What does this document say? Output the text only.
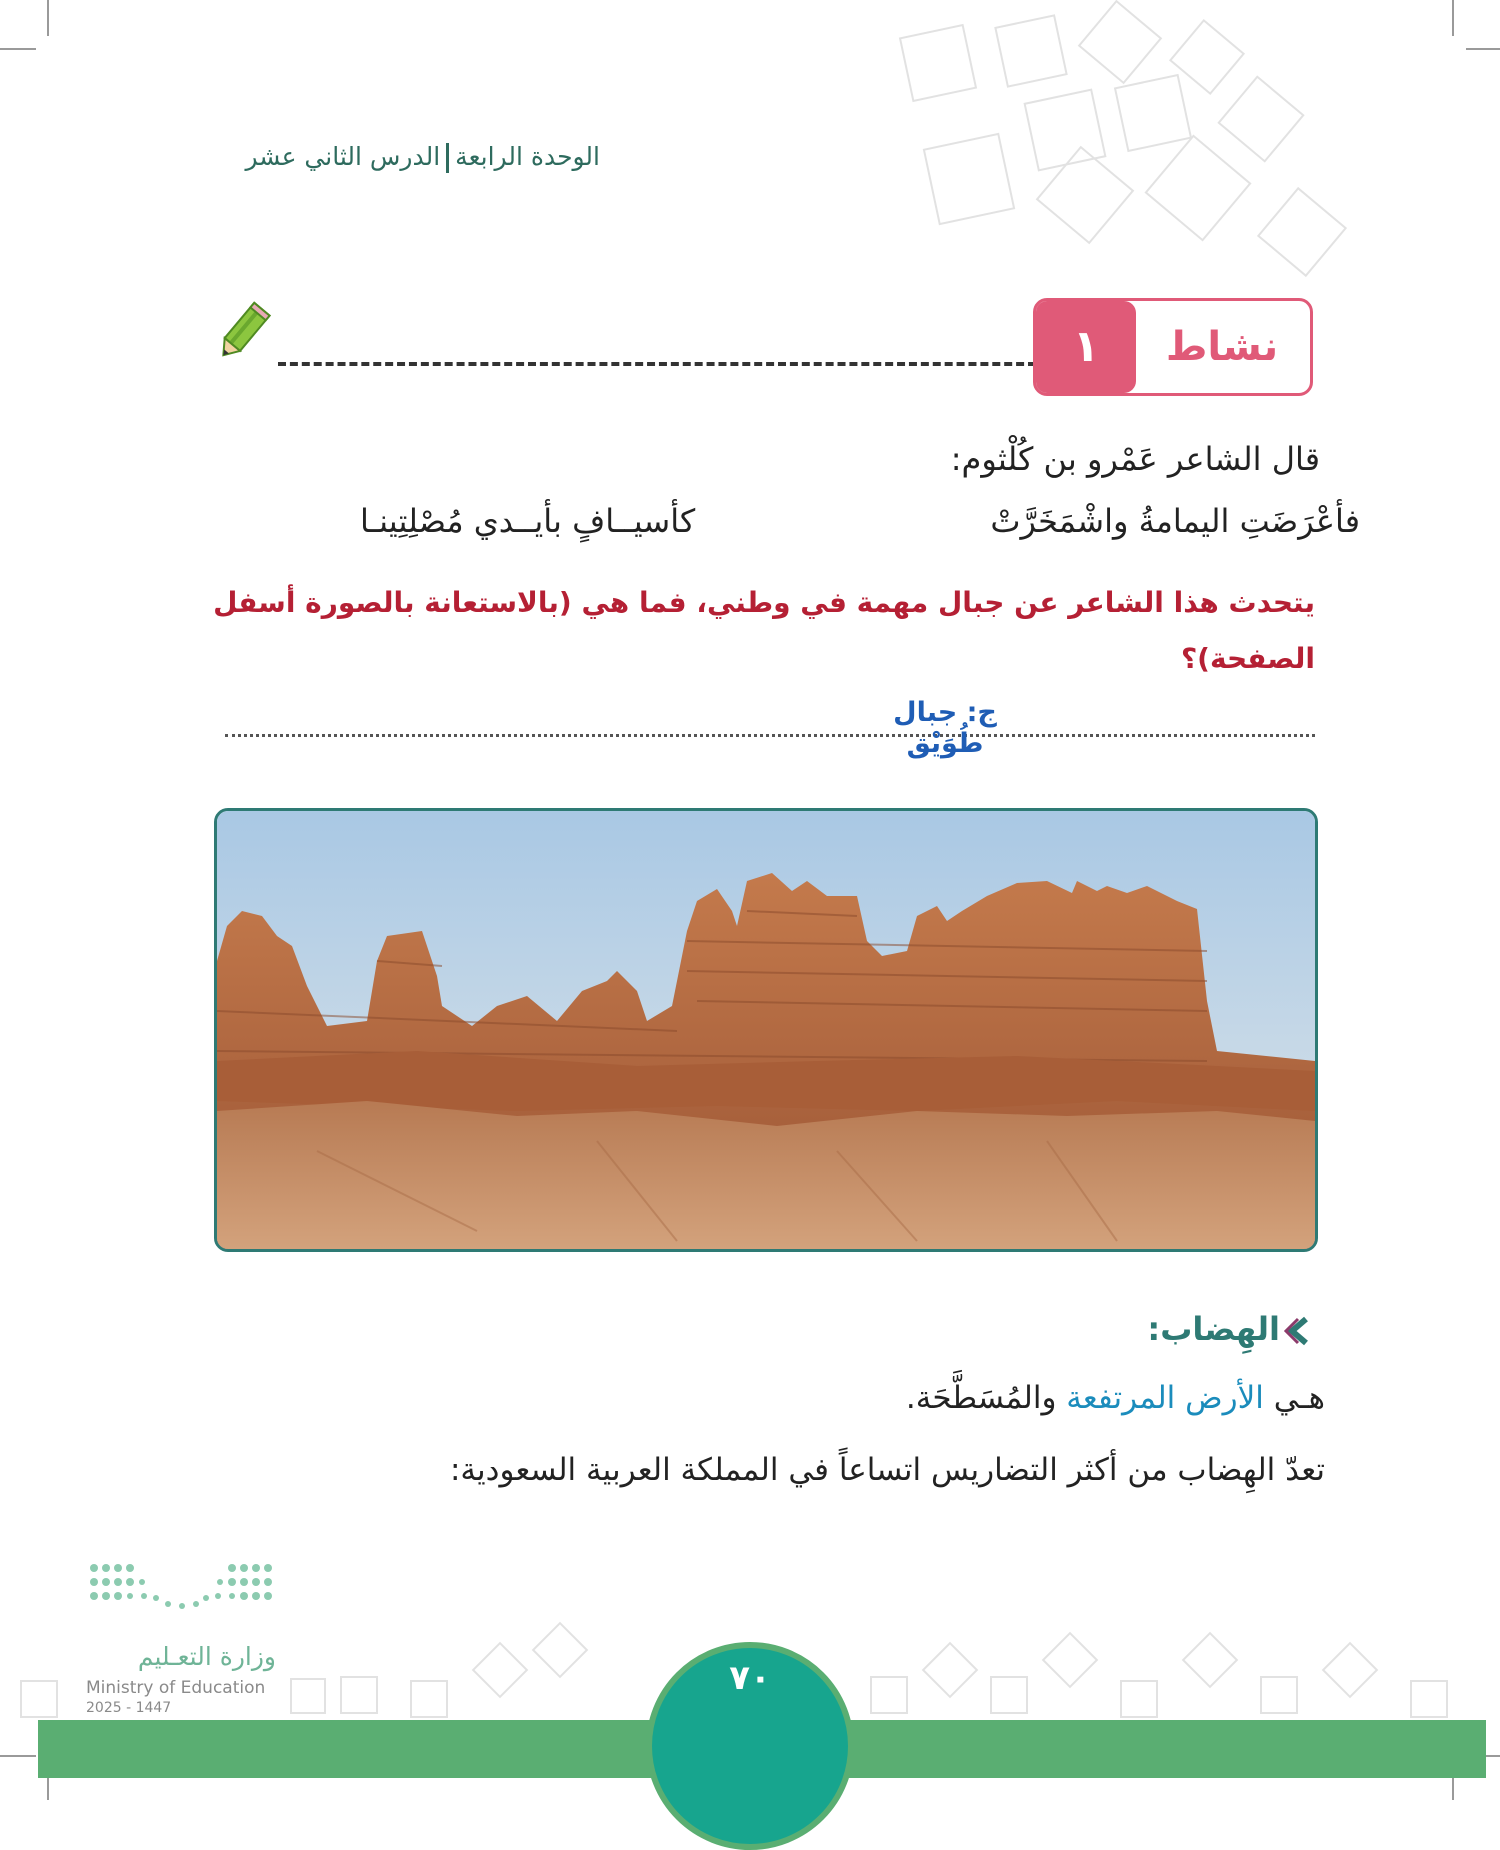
الوحدة الرابعةالدرس الثاني عشر
نشاط
١
قال الشاعر عَمْرو بن كُلْثوم:
فأعْرَضَتِ اليمامةُ واشْمَخَرَّتْ
كأسيــافٍ بأيــدي مُصْلِتِينـا
يتحدث هذا الشاعر عن جبال مهمة في وطني، فما هي (بالاستعانة بالصورة أسفل الصفحة)؟
ج: جبال طُوَيْق
الهِضاب:
هـي الأرض المرتفعة والمُسَطَّحَة.
تعدّ الهِضاب من أكثر التضاريس اتساعاً في المملكة العربية السعودية:
وزارة التعـليم
Ministry of Education
2025 - 1447
٧٠
